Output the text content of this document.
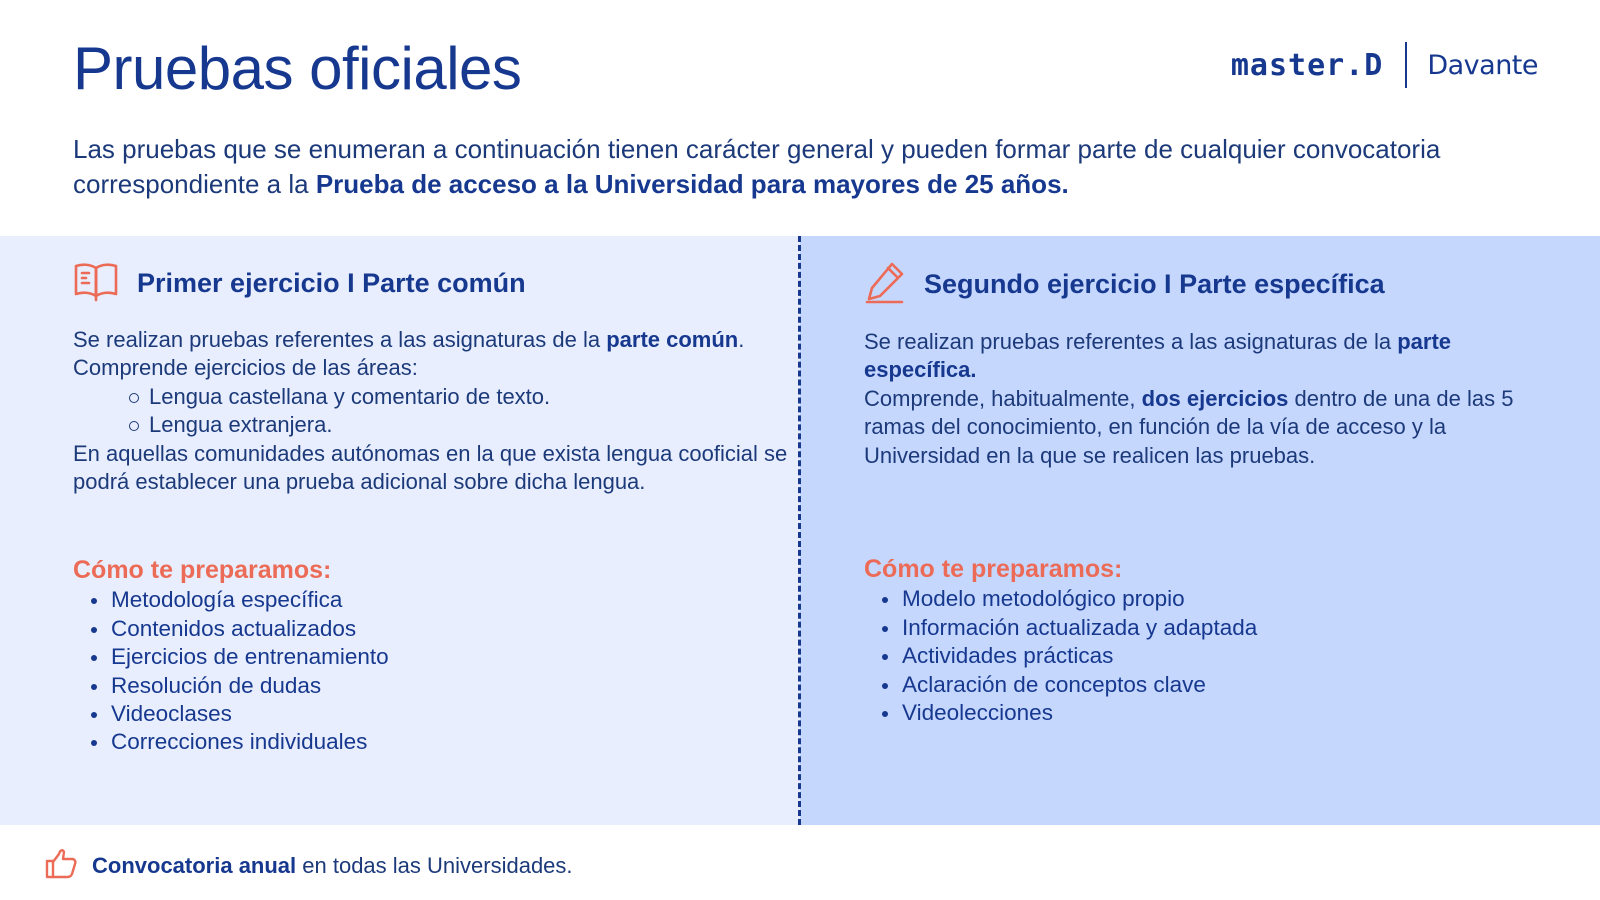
Pruebas oficiales	master.D Davante
Las pruebas que se enumeran a continuación tienen carácter general y pueden formar parte de cualquier convocatoria correspondiente a la Prueba de acceso a la Universidad para mayores de 25 años.
Primer ejercicio I Parte común
Se realizan pruebas referentes a las asignaturas de la parte común.
Comprende ejercicios de las áreas:
Lengua castellana y comentario de texto.
Lengua extranjera.
En aquellas comunidades autónomas en la que exista lengua cooficial se podrá establecer una prueba adicional sobre dicha lengua.
Cómo te preparamos:
Metodología específica
Contenidos actualizados
Ejercicios de entrenamiento
Resolución de dudas
Videoclases
Correcciones individuales
Segundo ejercicio I Parte específica
Se realizan pruebas referentes a las asignaturas de la parte específica.
Comprende, habitualmente, dos ejercicios dentro de una de las 5 ramas del conocimiento, en función de la vía de acceso y la Universidad en la que se realicen las pruebas.
Cómo te preparamos:
Modelo metodológico propio
Información actualizada y adaptada
Actividades prácticas
Aclaración de conceptos clave
Videolecciones
Convocatoria anual en todas las Universidades.
